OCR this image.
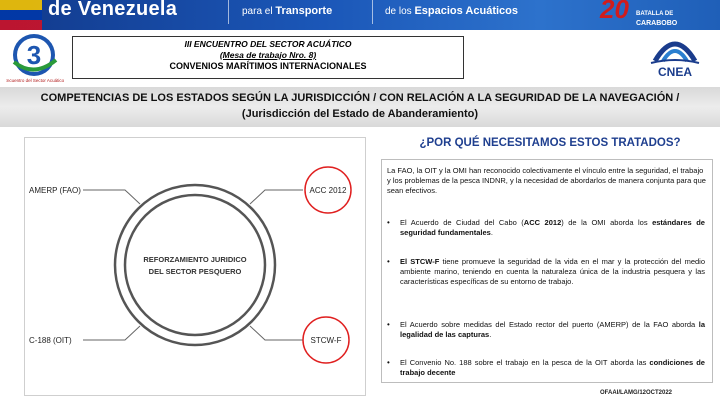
de Venezuela	para el Transporte	de los Espacios Acuáticos	20 BATALLA DE
CARABOBO
3
Encuentro del Sector Acuático
III ENCUENTRO DEL SECTOR ACUÁTICO
(Mesa de trabajo Nro. 8)
CONVENIOS MARÍTIMOS INTERNACIONALES	CNEA
COMPETENCIAS DE LOS ESTADOS SEGÚN LA JURISDICCIÓN / CON RELACIÓN A LA SEGURIDAD DE LA NAVEGACIÓN /
(Jurisdicción del Estado de Abanderamiento)
REFORZAMIENTO JURIDICO
DEL SECTOR PESQUERO
AMERP (FAO)
C-188 (OIT)
ACC 2012
STCW-F
¿POR QUÉ NECESITAMOS ESTOS TRATADOS?
La FAO, la OIT y la OMI han reconocido colectivamente el vínculo entre la seguridad, el trabajo y los problemas de la pesca INDNR, y la necesidad de abordarlos de manera conjunta para que sean efectivos.
• El Acuerdo de Ciudad del Cabo (ACC 2012) de la OMI aborda los estándares de seguridad fundamentales.
• El STCW-F tiene promueve la seguridad de la vida en el mar y la protección del medio ambiente marino, teniendo en cuenta la naturaleza única de la industria pesquera y las características específicas de su entorno de trabajo.
• El Acuerdo sobre medidas del Estado rector del puerto (AMERP) de la FAO aborda la legalidad de las capturas.
• El Convenio No. 188 sobre el trabajo en la pesca de la OIT aborda las condiciones de trabajo decente
OFAAI/LAMG/12OCT2022
